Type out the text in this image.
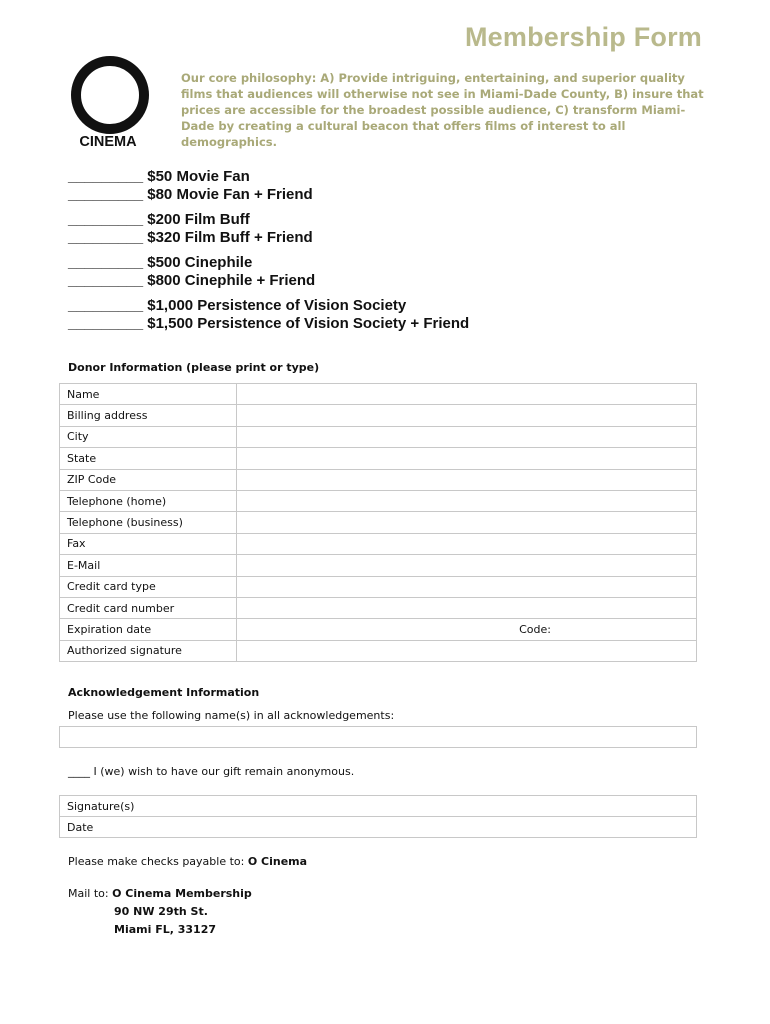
Membership Form
CINEMA
Our core philosophy: A) Provide intriguing, entertaining, and superior quality films that audiences will otherwise not see in Miami-Dade County, B) insure that prices are accessible for the broadest possible audience, C) transform Miami-Dade by creating a cultural beacon that offers films of interest to all demographics.
_________ $50 Movie Fan
_________ $80 Movie Fan + Friend
_________ $200 Film Buff
_________ $320 Film Buff + Friend
_________ $500 Cinephile
_________ $800 Cinephile + Friend
_________ $1,000 Persistence of Vision Society
_________ $1,500 Persistence of Vision Society + Friend
Donor Information (please print or type)
Name	
Billing address	
City	
State	
ZIP Code	
Telephone (home)	
Telephone (business)	
Fax	
E-Mail	
Credit card type	
Credit card number	
Expiration date	Code:

Authorized signature	
Acknowledgement Information
Please use the following name(s) in all acknowledgements:
____ I (we) wish to have our gift remain anonymous.
Signature(s)
Date
Please make checks payable to: O Cinema
Mail to: O Cinema Membership
90 NW 29th St.
Miami FL, 33127
